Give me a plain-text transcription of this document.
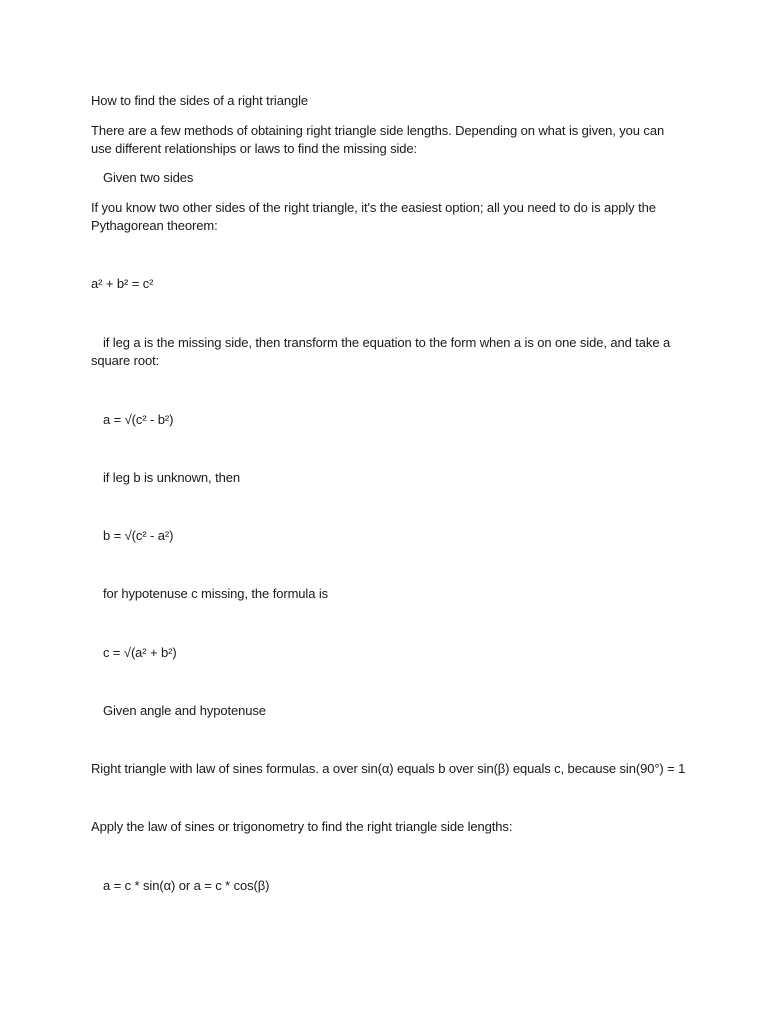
How to find the sides of a right triangle
There are a few methods of obtaining right triangle side lengths. Depending on what is given, you can use different relationships or laws to find the missing side:
Given two sides
If you know two other sides of the right triangle, it's the easiest option; all you need to do is apply the Pythagorean theorem:
a² + b² = c²
if leg a is the missing side, then transform the equation to the form when a is on one side, and take a square root:
a = √(c² - b²)
if leg b is unknown, then
b = √(c² - a²)
for hypotenuse c missing, the formula is
c = √(a² + b²)
Given angle and hypotenuse
Right triangle with law of sines formulas. a over sin(α) equals b over sin(β) equals c, because sin(90°) = 1
Apply the law of sines or trigonometry to find the right triangle side lengths:
a = c * sin(α) or a = c * cos(β)
